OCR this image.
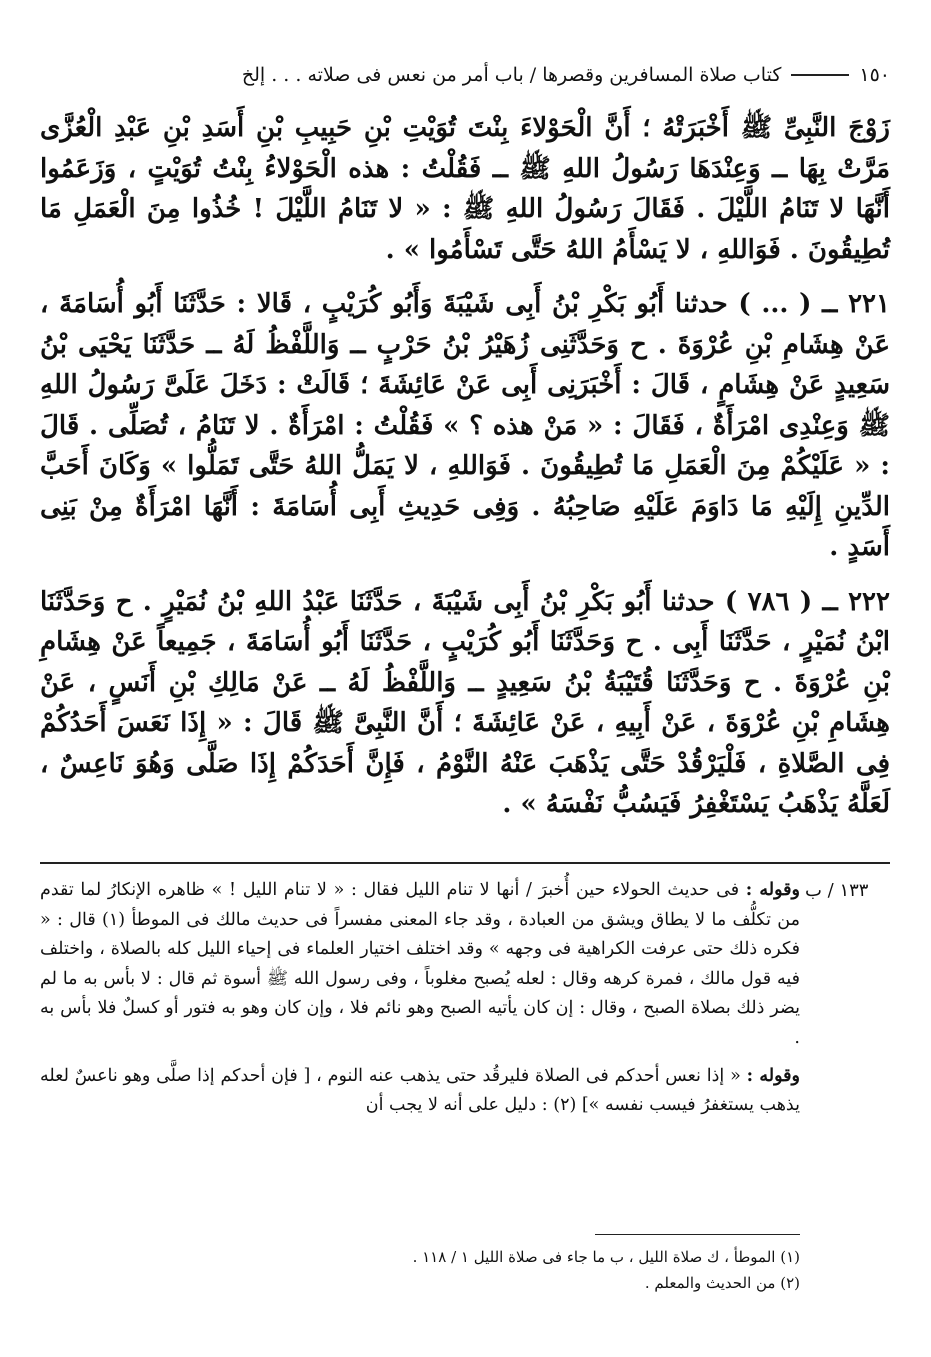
١٥٠
كتاب صلاة المسافرين وقصرها / باب أمر من نعس فى صلاته . . . إلخ

زَوْجَ النَّبِىِّ ﷺ أَخْبَرَتْهُ ؛ أَنَّ الْحَوْلاءَ بِنْتَ تُوَيْتِ بْنِ حَبِيبِ بْنِ أَسَدِ بْنِ عَبْدِ الْعُزَّى مَرَّتْ بِهَا ــ وَعِنْدَهَا رَسُولُ اللهِ ﷺ ــ فَقُلْتُ : هذه الْحَوْلاءُ بِنْتُ تُوَيْتٍ ، وَزَعَمُوا أَنَّهَا لا تَنَامُ اللَّيْلَ . فَقَالَ رَسُولُ اللهِ ﷺ : « لا تَنَامُ اللَّيْلَ ! خُذُوا مِنَ الْعَمَلِ مَا تُطِيقُونَ . فَوَاللهِ ، لا يَسْأَمُ اللهُ حَتَّى تَسْأَمُوا » .

٢٢١ ــ ( ... ) حدثنا أَبُو بَكْرِ بْنُ أَبِى شَيْبَةَ وَأَبُو كُرَيْبٍ ، قَالا : حَدَّثَنَا أَبُو أُسَامَةَ ، عَنْ هِشَامِ بْنِ عُرْوَةَ . ح وَحَدَّثَنِى زُهَيْرُ بْنُ حَرْبٍ ــ وَاللَّفْظُ لَهُ ــ حَدَّثَنَا يَحْيَى بْنُ سَعِيدٍ عَنْ هِشَامٍ ، قَالَ : أَخْبَرَنِى أَبِى عَنْ عَائِشَةَ ؛ قَالَتْ : دَخَلَ عَلَىَّ رَسُولُ اللهِ ﷺ وَعِنْدِى امْرَأَةٌ ، فَقَالَ : « مَنْ هذه ؟ » فَقُلْتُ : امْرَأَةٌ . لا تَنَامُ ، تُصَلِّى . قَالَ : « عَلَيْكُمْ مِنَ الْعَمَلِ مَا تُطِيقُونَ . فَوَاللهِ ، لا يَمَلُّ اللهُ حَتَّى تَمَلُّوا » وَكَانَ أَحَبَّ الدِّينِ إِلَيْهِ مَا دَاوَمَ عَلَيْهِ صَاحِبُهُ . وَفِى حَدِيثِ أَبِى أُسَامَةَ : أَنَّهَا امْرَأَةٌ مِنْ بَنِى أَسَدٍ .

٢٢٢ ــ ( ٧٨٦ ) حدثنا أَبُو بَكْرِ بْنُ أَبِى شَيْبَةَ ، حَدَّثَنَا عَبْدُ اللهِ بْنُ نُمَيْرٍ . ح وَحَدَّثَنَا ابْنُ نُمَيْرٍ ، حَدَّثَنَا أَبِى . ح وَحَدَّثَنَا أَبُو كُرَيْبٍ ، حَدَّثَنَا أَبُو أُسَامَةَ ، جَمِيعاً عَنْ هِشَامِ بْنِ عُرْوَةَ . ح وَحَدَّثَنَا قُتَيْبَةُ بْنُ سَعِيدٍ ــ وَاللَّفْظُ لَهُ ــ عَنْ مَالِكِ بْنِ أَنَسٍ ، عَنْ هِشَامِ بْنِ عُرْوَةَ ، عَنْ أَبِيهِ ، عَنْ عَائِشَةَ ؛ أَنَّ النَّبِىَّ ﷺ قَالَ : « إِذَا نَعَسَ أَحَدُكُمْ فِى الصَّلاةِ ، فَلْيَرْقُدْ حَتَّى يَذْهَبَ عَنْهُ النَّوْمُ ، فَإِنَّ أَحَدَكُمْ إِذَا صَلَّى وَهُوَ نَاعِسٌ ، لَعَلَّهُ يَذْهَبُ يَسْتَغْفِرُ فَيَسُبُّ نَفْسَهُ » .

١٣٣ / ب

وقوله : فى حديث الحولاء حين أُخبرَ / أنها لا تنام الليل فقال : « لا تنام الليل ! » ظاهره الإنكارُ لما تقدم من تكلُّف ما لا يطاق ويشق من العبادة ، وقد جاء المعنى مفسراً فى حديث مالك فى الموطأ (١) قال : « فكره ذلك حتى عرفت الكراهية فى وجهه » وقد اختلف اختيار العلماء فى إحياء الليل كله بالصلاة ، واختلف فيه قول مالك ، فمرة كرهه وقال : لعله يُصبح مغلوباً ، وفى رسول الله ﷺ أسوة ثم قال : لا بأس به ما لم يضر ذلك بصلاة الصبح ، وقال : إن كان يأتيه الصبح وهو نائم فلا ، وإن كان وهو به فتور أو كسلٌ فلا بأس به .

وقوله : « إذا نعس أحدكم فى الصلاة فليرقُد حتى يذهب عنه النوم ، [ فإن أحدكم إذا صلَّى وهو ناعسٌ لعله يذهب يستغفرُ فيسب نفسه »] (٢) : دليل على أنه لا يجب أن

(١) الموطأ ، ك صلاة الليل ، ب ما جاء فى صلاة الليل ١ / ١١٨ .
(٢) من الحديث والمعلم .
